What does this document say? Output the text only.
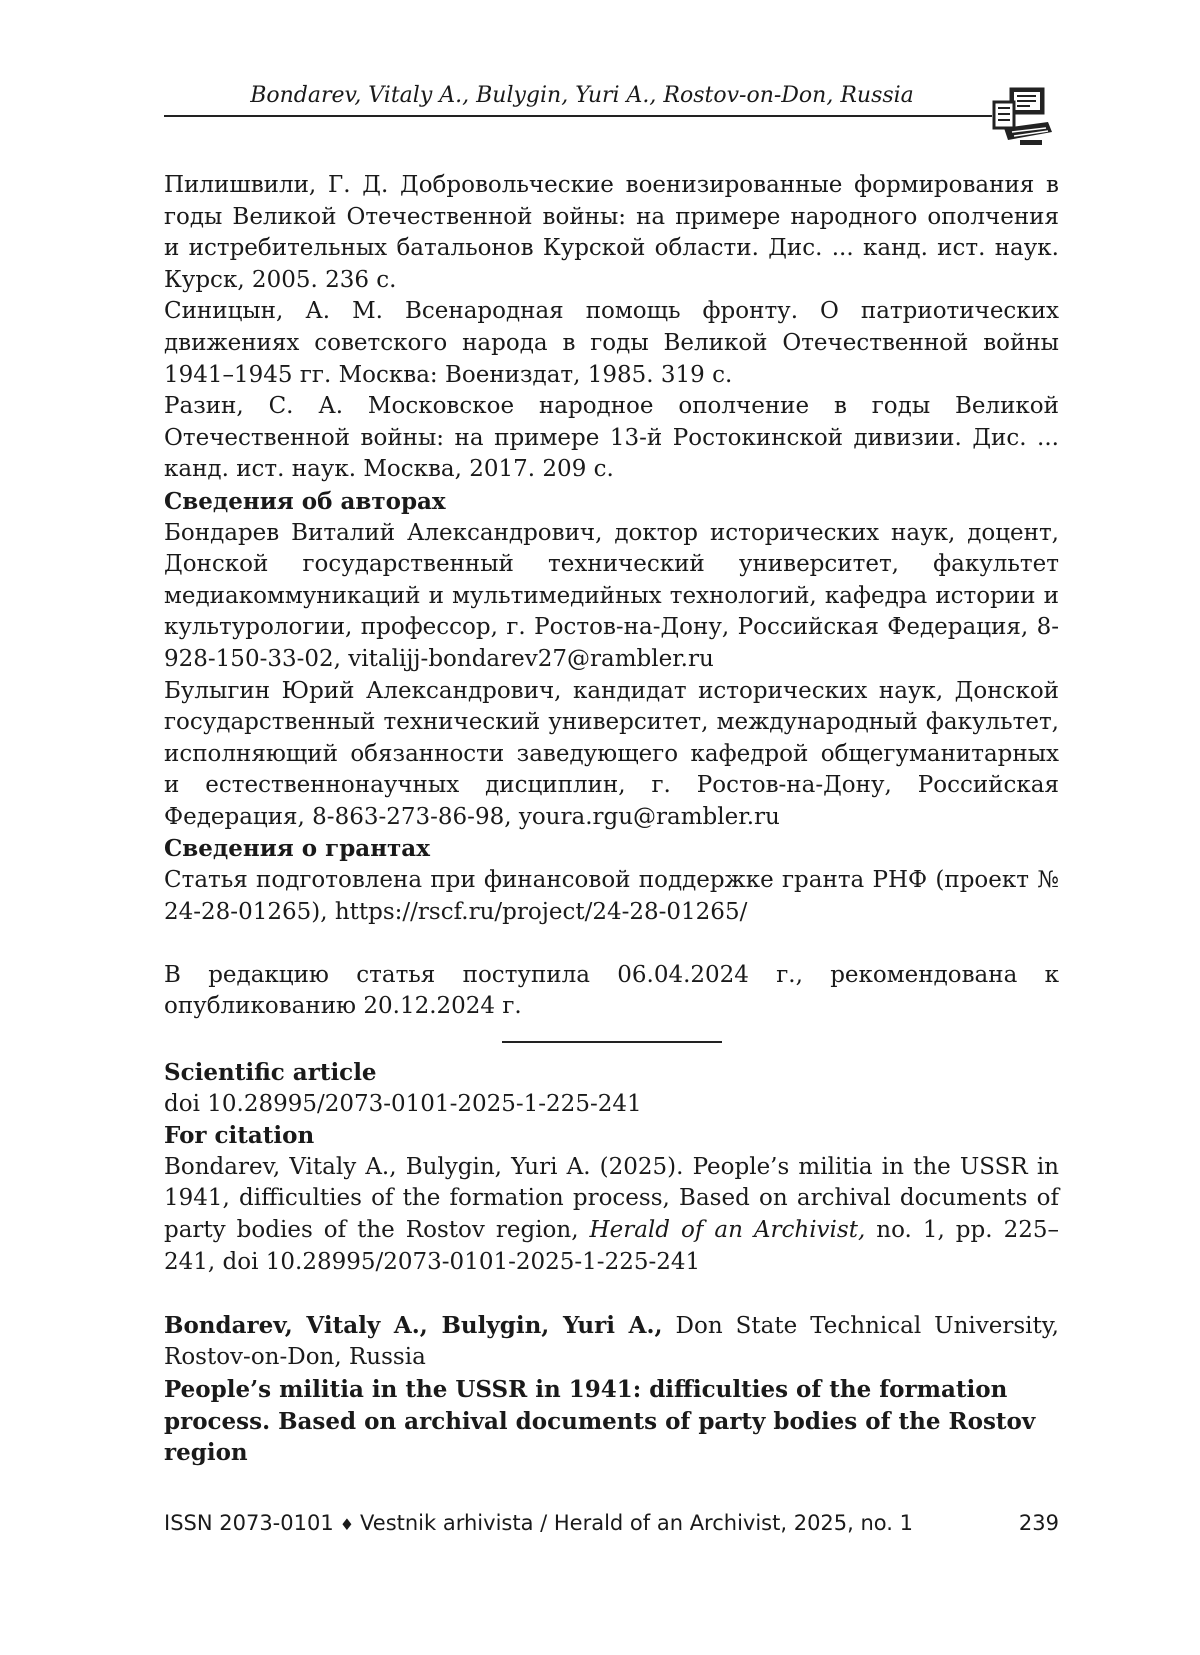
Bondarev, Vitaly A., Bulygin, Yuri A., Rostov-on-Don, Russia

Пилишвили, Г. Д. Добровольческие военизированные формирования в годы Великой Отечественной войны: на примере народного ополчения и истребительных батальонов Курской области. Дис. ... канд. ист. наук. Курск, 2005. 236 с.

Синицын, А. М. Всенародная помощь фронту. О патриотических движениях советского народа в годы Великой Отечественной войны 1941–1945 гг. Москва: Воениздат, 1985. 319 с.

Разин, С. А. Московское народное ополчение в годы Великой Отечественной войны: на примере 13-й Ростокинской дивизии. Дис. ... канд. ист. наук. Москва, 2017. 209 с.

Сведения об авторах

Бондарев Виталий Александрович, доктор исторических наук, доцент, Донской государственный технический университет, факультет медиакоммуникаций и мультимедийных технологий, кафедра истории и культурологии, профессор, г. Ростов-на-Дону, Российская Федерация, 8-928-150-33-02, vitalijj-bondarev27@rambler.ru

Булыгин Юрий Александрович, кандидат исторических наук, Донской государственный технический университет, международный факультет, исполняющий обязанности заведующего кафедрой общегуманитарных и естественнонаучных дисциплин, г. Ростов-на-Дону, Российская Федерация, 8-863-273-86-98, youra.rgu@rambler.ru

Сведения о грантах

Статья подготовлена при финансовой поддержке гранта РНФ (проект № 24-28-01265), https://rscf.ru/project/24-28-01265/

В редакцию статья поступила 06.04.2024 г., рекомендована к опубликованию 20.12.2024 г.

Scientific article

doi 10.28995/2073-0101-2025-1-225-241

For citation

Bondarev, Vitaly A., Bulygin, Yuri A. (2025). People’s militia in the USSR in 1941, difficulties of the formation process, Based on archival documents of party bodies of the Rostov region, Herald of an Archivist, no. 1, pp. 225–241, doi 10.28995/2073-0101-2025-1-225-241

Bondarev, Vitaly A., Bulygin, Yuri A., Don State Technical University, Rostov-on-Don, Russia

People’s militia in the USSR in 1941: difficulties of the formation process. Based on archival documents of party bodies of the Rostov region

ISSN 2073-0101 ♦ Vestnik arhivista / Herald of an Archivist, 2025, no. 1	239
